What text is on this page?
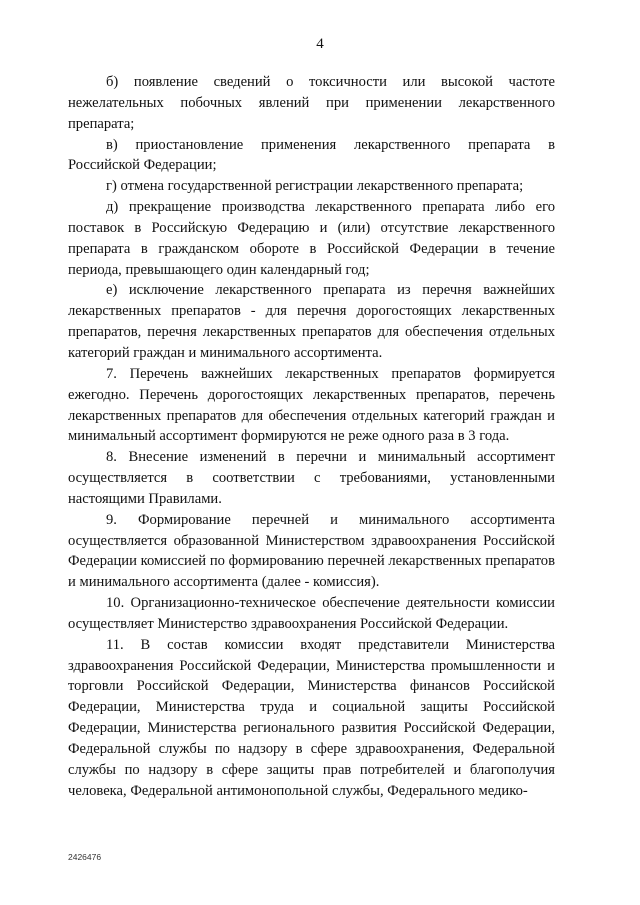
4

б) появление сведений о токсичности или высокой частоте нежелательных побочных явлений при применении лекарственного препарата;

в) приостановление применения лекарственного препарата в Российской Федерации;

г) отмена государственной регистрации лекарственного препарата;

д) прекращение производства лекарственного препарата либо его поставок в Российскую Федерацию и (или) отсутствие лекарственного препарата в гражданском обороте в Российской Федерации в течение периода, превышающего один календарный год;

е) исключение лекарственного препарата из перечня важнейших лекарственных препаратов - для перечня дорогостоящих лекарственных препаратов, перечня лекарственных препаратов для обеспечения отдельных категорий граждан и минимального ассортимента.

7. Перечень важнейших лекарственных препаратов формируется ежегодно. Перечень дорогостоящих лекарственных препаратов, перечень лекарственных препаратов для обеспечения отдельных категорий граждан и минимальный ассортимент формируются не реже одного раза в 3 года.

8. Внесение изменений в перечни и минимальный ассортимент осуществляется в соответствии с требованиями, установленными настоящими Правилами.

9. Формирование перечней и минимального ассортимента осуществляется образованной Министерством здравоохранения Российской Федерации комиссией по формированию перечней лекарственных препаратов и минимального ассортимента (далее - комиссия).

10. Организационно-техническое обеспечение деятельности комиссии осуществляет Министерство здравоохранения Российской Федерации.

11. В состав комиссии входят представители Министерства здравоохранения Российской Федерации, Министерства промышленности и торговли Российской Федерации, Министерства финансов Российской Федерации, Министерства труда и социальной защиты Российской Федерации, Министерства регионального развития Российской Федерации, Федеральной службы по надзору в сфере здравоохранения, Федеральной службы по надзору в сфере защиты прав потребителей и благополучия человека, Федеральной антимонопольной службы, Федерального медико-

2426476
